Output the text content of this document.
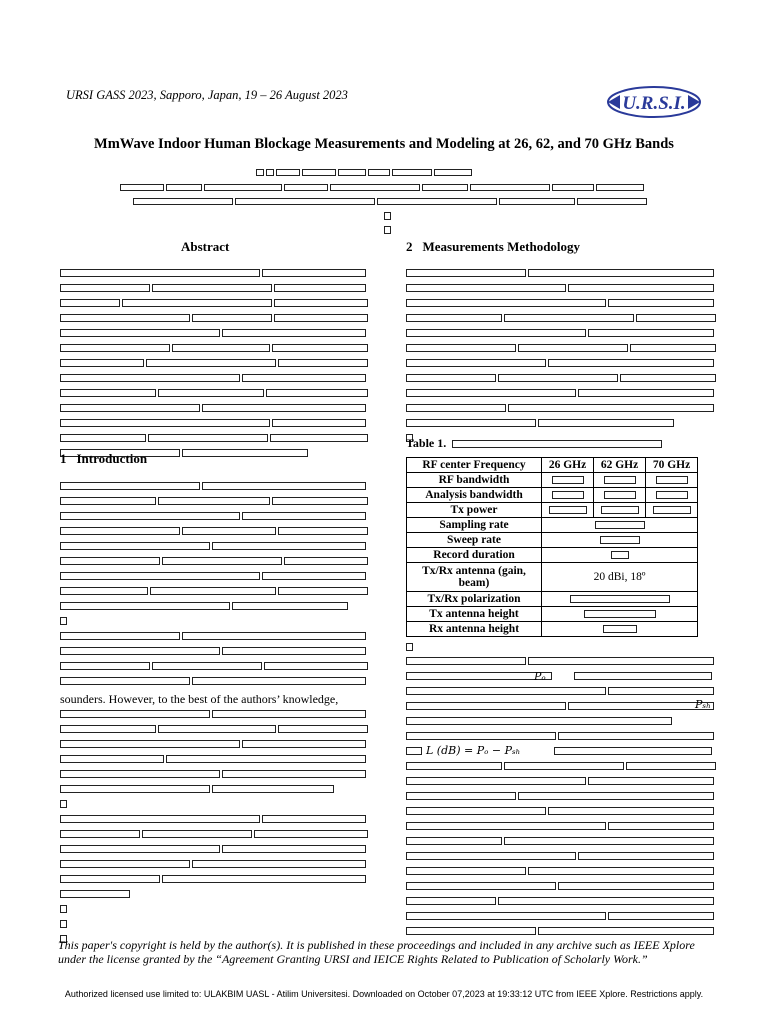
URSI GASS 2023, Sapporo, Japan, 19 – 26 August 2023	U.R.S.I.
MmWave Indoor Human Blockage Measurements and Modeling at 26, 62, and 70 GHz Bands
Abstract
1 Introduction
sounders. However, to the best of the authors’ knowledge,
2 Measurements Methodology
Table 1.
RF center Frequency	26 GHz	62 GHz	70 GHz
RF bandwidth			
Analysis bandwidth			
Tx power			
Sampling rate			
Sweep rate			
Record duration			
Tx/Rx antenna (gain, beam)	20 dBi, 18º		
Tx/Rx polarization			
Tx antenna height			
Rx antenna height			
Pₒ
Pₛₕ
L (dB) = Pₒ − Pₛₕ
This paper's copyright is held by the author(s). It is published in these proceedings and included in any archive such as IEEE Xplore under the license granted by the “Agreement Granting URSI and IEICE Rights Related to Publication of Scholarly Work.”
Authorized licensed use limited to: ULAKBIM UASL - Atilim Universitesi. Downloaded on October 07,2023 at 19:33:12 UTC from IEEE Xplore. Restrictions apply.
